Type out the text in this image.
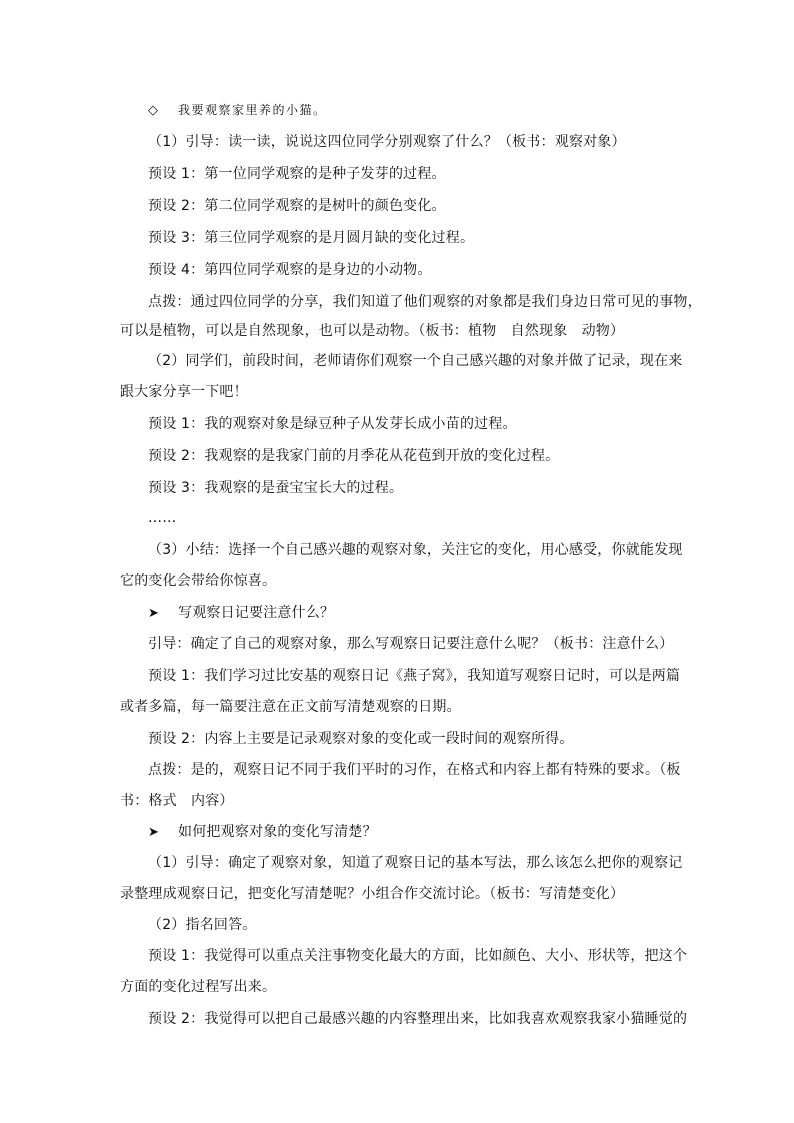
◇ 我要观察家里养的小猫。
（1）引导：读一读，说说这四位同学分别观察了什么？（板书：观察对象）
预设 1：第一位同学观察的是种子发芽的过程。
预设 2：第二位同学观察的是树叶的颜色变化。
预设 3：第三位同学观察的是月圆月缺的变化过程。
预设 4：第四位同学观察的是身边的小动物。
点拨：通过四位同学的分享，我们知道了他们观察的对象都是我们身边日常可见的事物，
可以是植物，可以是自然现象，也可以是动物。（板书：植物　自然现象　动物）
（2）同学们，前段时间，老师请你们观察一个自己感兴趣的对象并做了记录，现在来
跟大家分享一下吧！
预设 1：我的观察对象是绿豆种子从发芽长成小苗的过程。
预设 2：我观察的是我家门前的月季花从花苞到开放的变化过程。
预设 3：我观察的是蚕宝宝长大的过程。
……
（3）小结：选择一个自己感兴趣的观察对象，关注它的变化，用心感受，你就能发现
它的变化会带给你惊喜。
➤ 写观察日记要注意什么？
引导：确定了自己的观察对象，那么写观察日记要注意什么呢？（板书：注意什么）
预设 1：我们学习过比安基的观察日记《燕子窝》，我知道写观察日记时，可以是两篇
或者多篇，每一篇要注意在正文前写清楚观察的日期。
预设 2：内容上主要是记录观察对象的变化或一段时间的观察所得。
点拨：是的，观察日记不同于我们平时的习作，在格式和内容上都有特殊的要求。（板
书：格式　内容）
➤ 如何把观察对象的变化写清楚？
（1）引导：确定了观察对象，知道了观察日记的基本写法，那么该怎么把你的观察记
录整理成观察日记，把变化写清楚呢？小组合作交流讨论。（板书：写清楚变化）
（2）指名回答。
预设 1：我觉得可以重点关注事物变化最大的方面，比如颜色、大小、形状等，把这个
方面的变化过程写出来。
预设 2：我觉得可以把自己最感兴趣的内容整理出来，比如我喜欢观察我家小猫睡觉的
